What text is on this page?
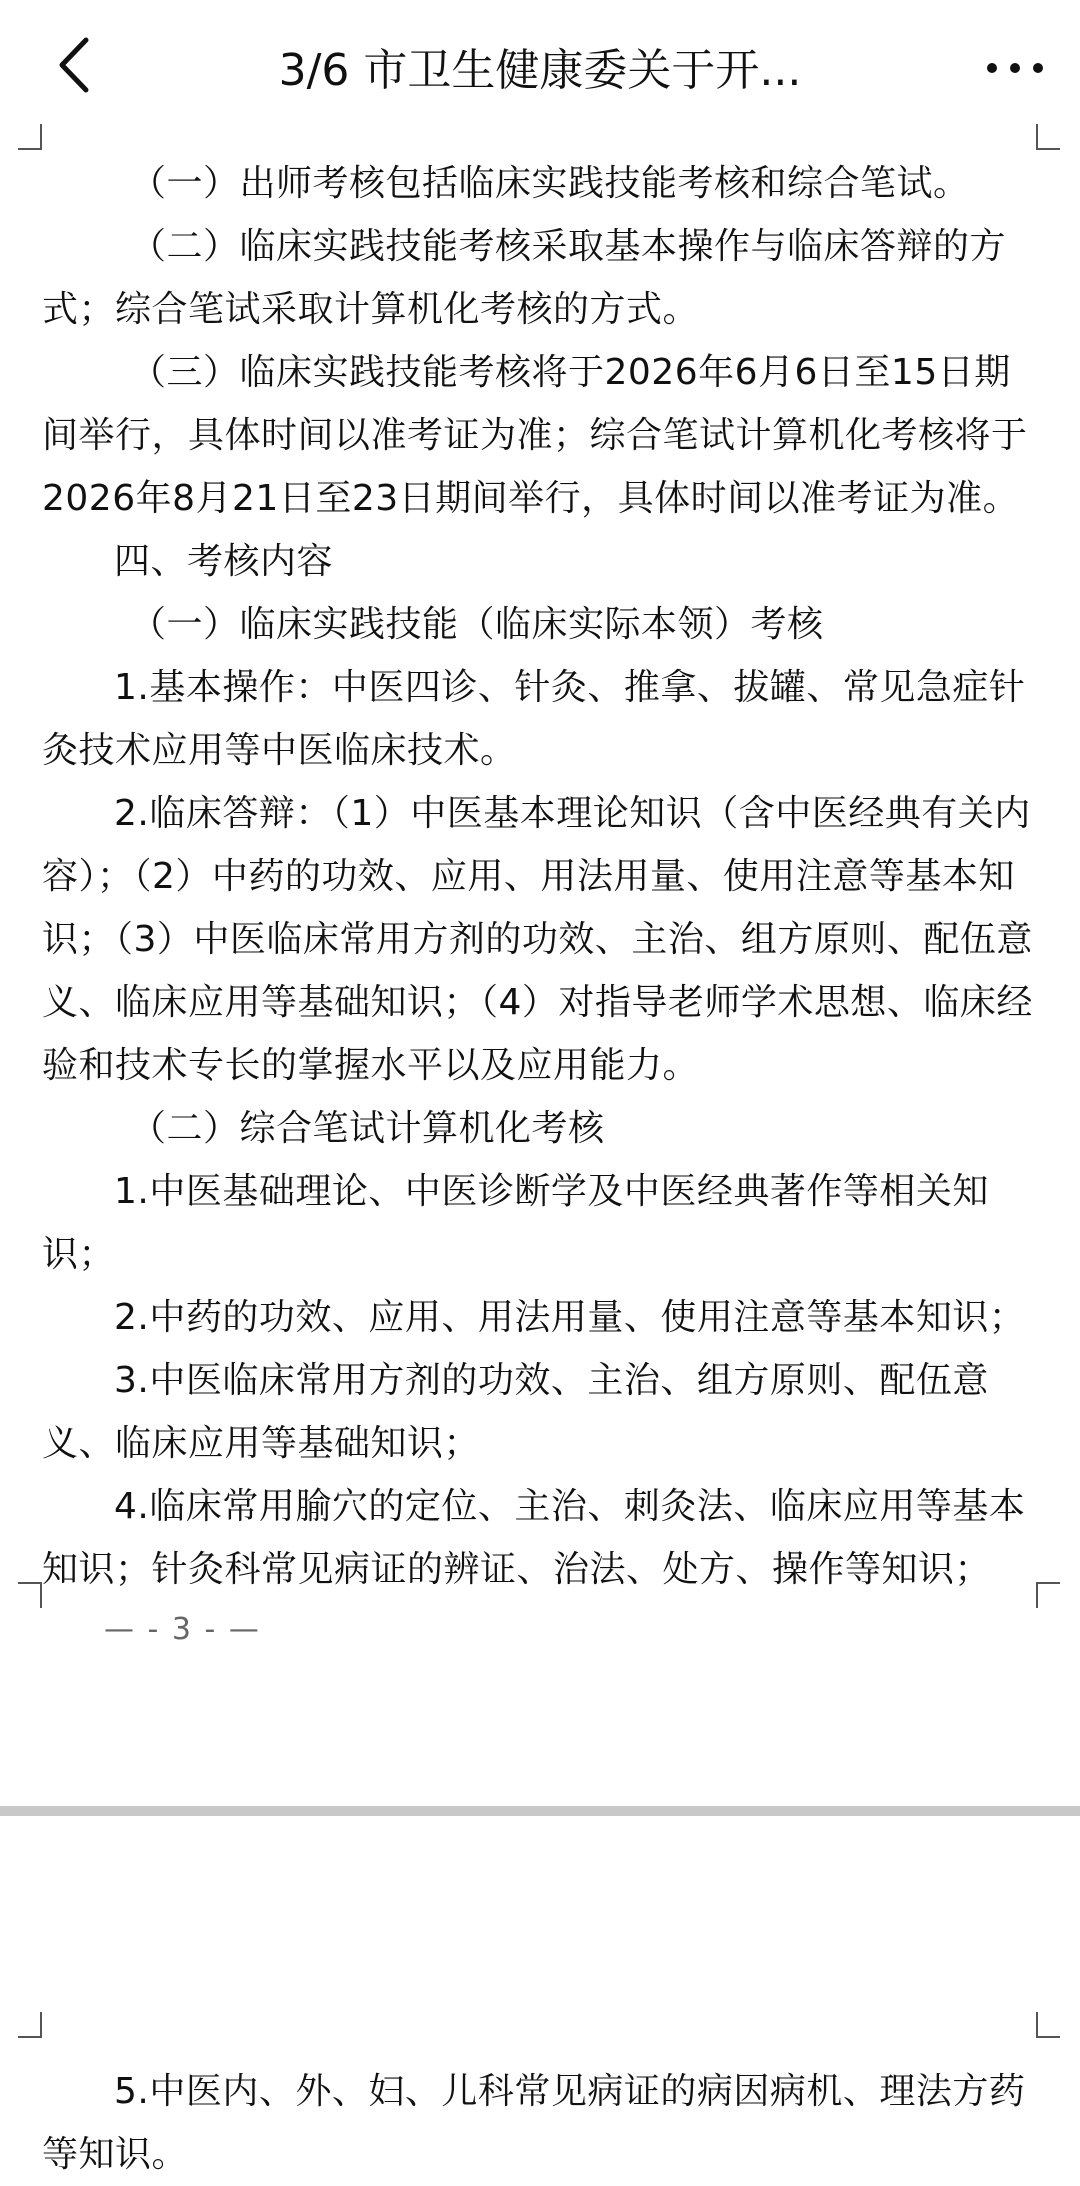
3/6 市卫生健康委关于开...

（一）出师考核包括临床实践技能考核和综合笔试。

（二）临床实践技能考核采取基本操作与临床答辩的方式；综合笔试采取计算机化考核的方式。

（三）临床实践技能考核将于2026年6月6日至15日期间举行，具体时间以准考证为准；综合笔试计算机化考核将于2026年8月21日至23日期间举行，具体时间以准考证为准。

四、考核内容

（一）临床实践技能（临床实际本领）考核

1.基本操作：中医四诊、针灸、推拿、拔罐、常见急症针灸技术应用等中医临床技术。

2.临床答辩：（1）中医基本理论知识（含中医经典有关内容）；（2）中药的功效、应用、用法用量、使用注意等基本知识；（3）中医临床常用方剂的功效、主治、组方原则、配伍意义、临床应用等基础知识；（4）对指导老师学术思想、临床经验和技术专长的掌握水平以及应用能力。

（二）综合笔试计算机化考核

1.中医基础理论、中医诊断学及中医经典著作等相关知识；

2.中药的功效、应用、用法用量、使用注意等基本知识；

3.中医临床常用方剂的功效、主治、组方原则、配伍意义、临床应用等基础知识；

4.临床常用腧穴的定位、主治、刺灸法、临床应用等基本知识；针灸科常见病证的辨证、治法、处方、操作等知识；

— - 3 - —

5.中医内、外、妇、儿科常见病证的病因病机、理法方药等知识。
